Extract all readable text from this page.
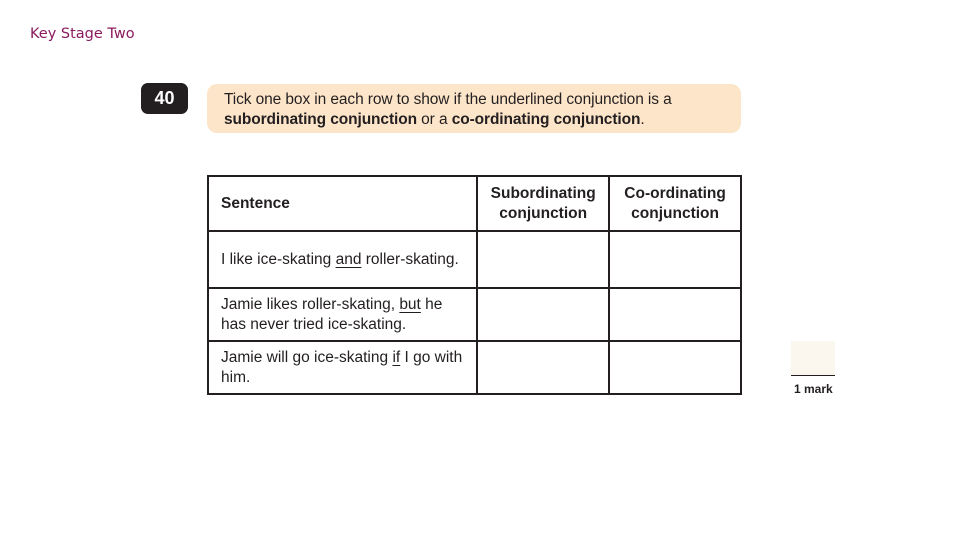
Key Stage Two
40	Tick one box in each row to show if the underlined conjunction is a subordinating conjunction or a co-ordinating conjunction.
Sentence	Subordinating conjunction	Co-ordinating conjunction
I like ice-skating and roller-skating.		
Jamie likes roller-skating, but he has never tried ice-skating.		
Jamie will go ice-skating if I go with him.		
1 mark
